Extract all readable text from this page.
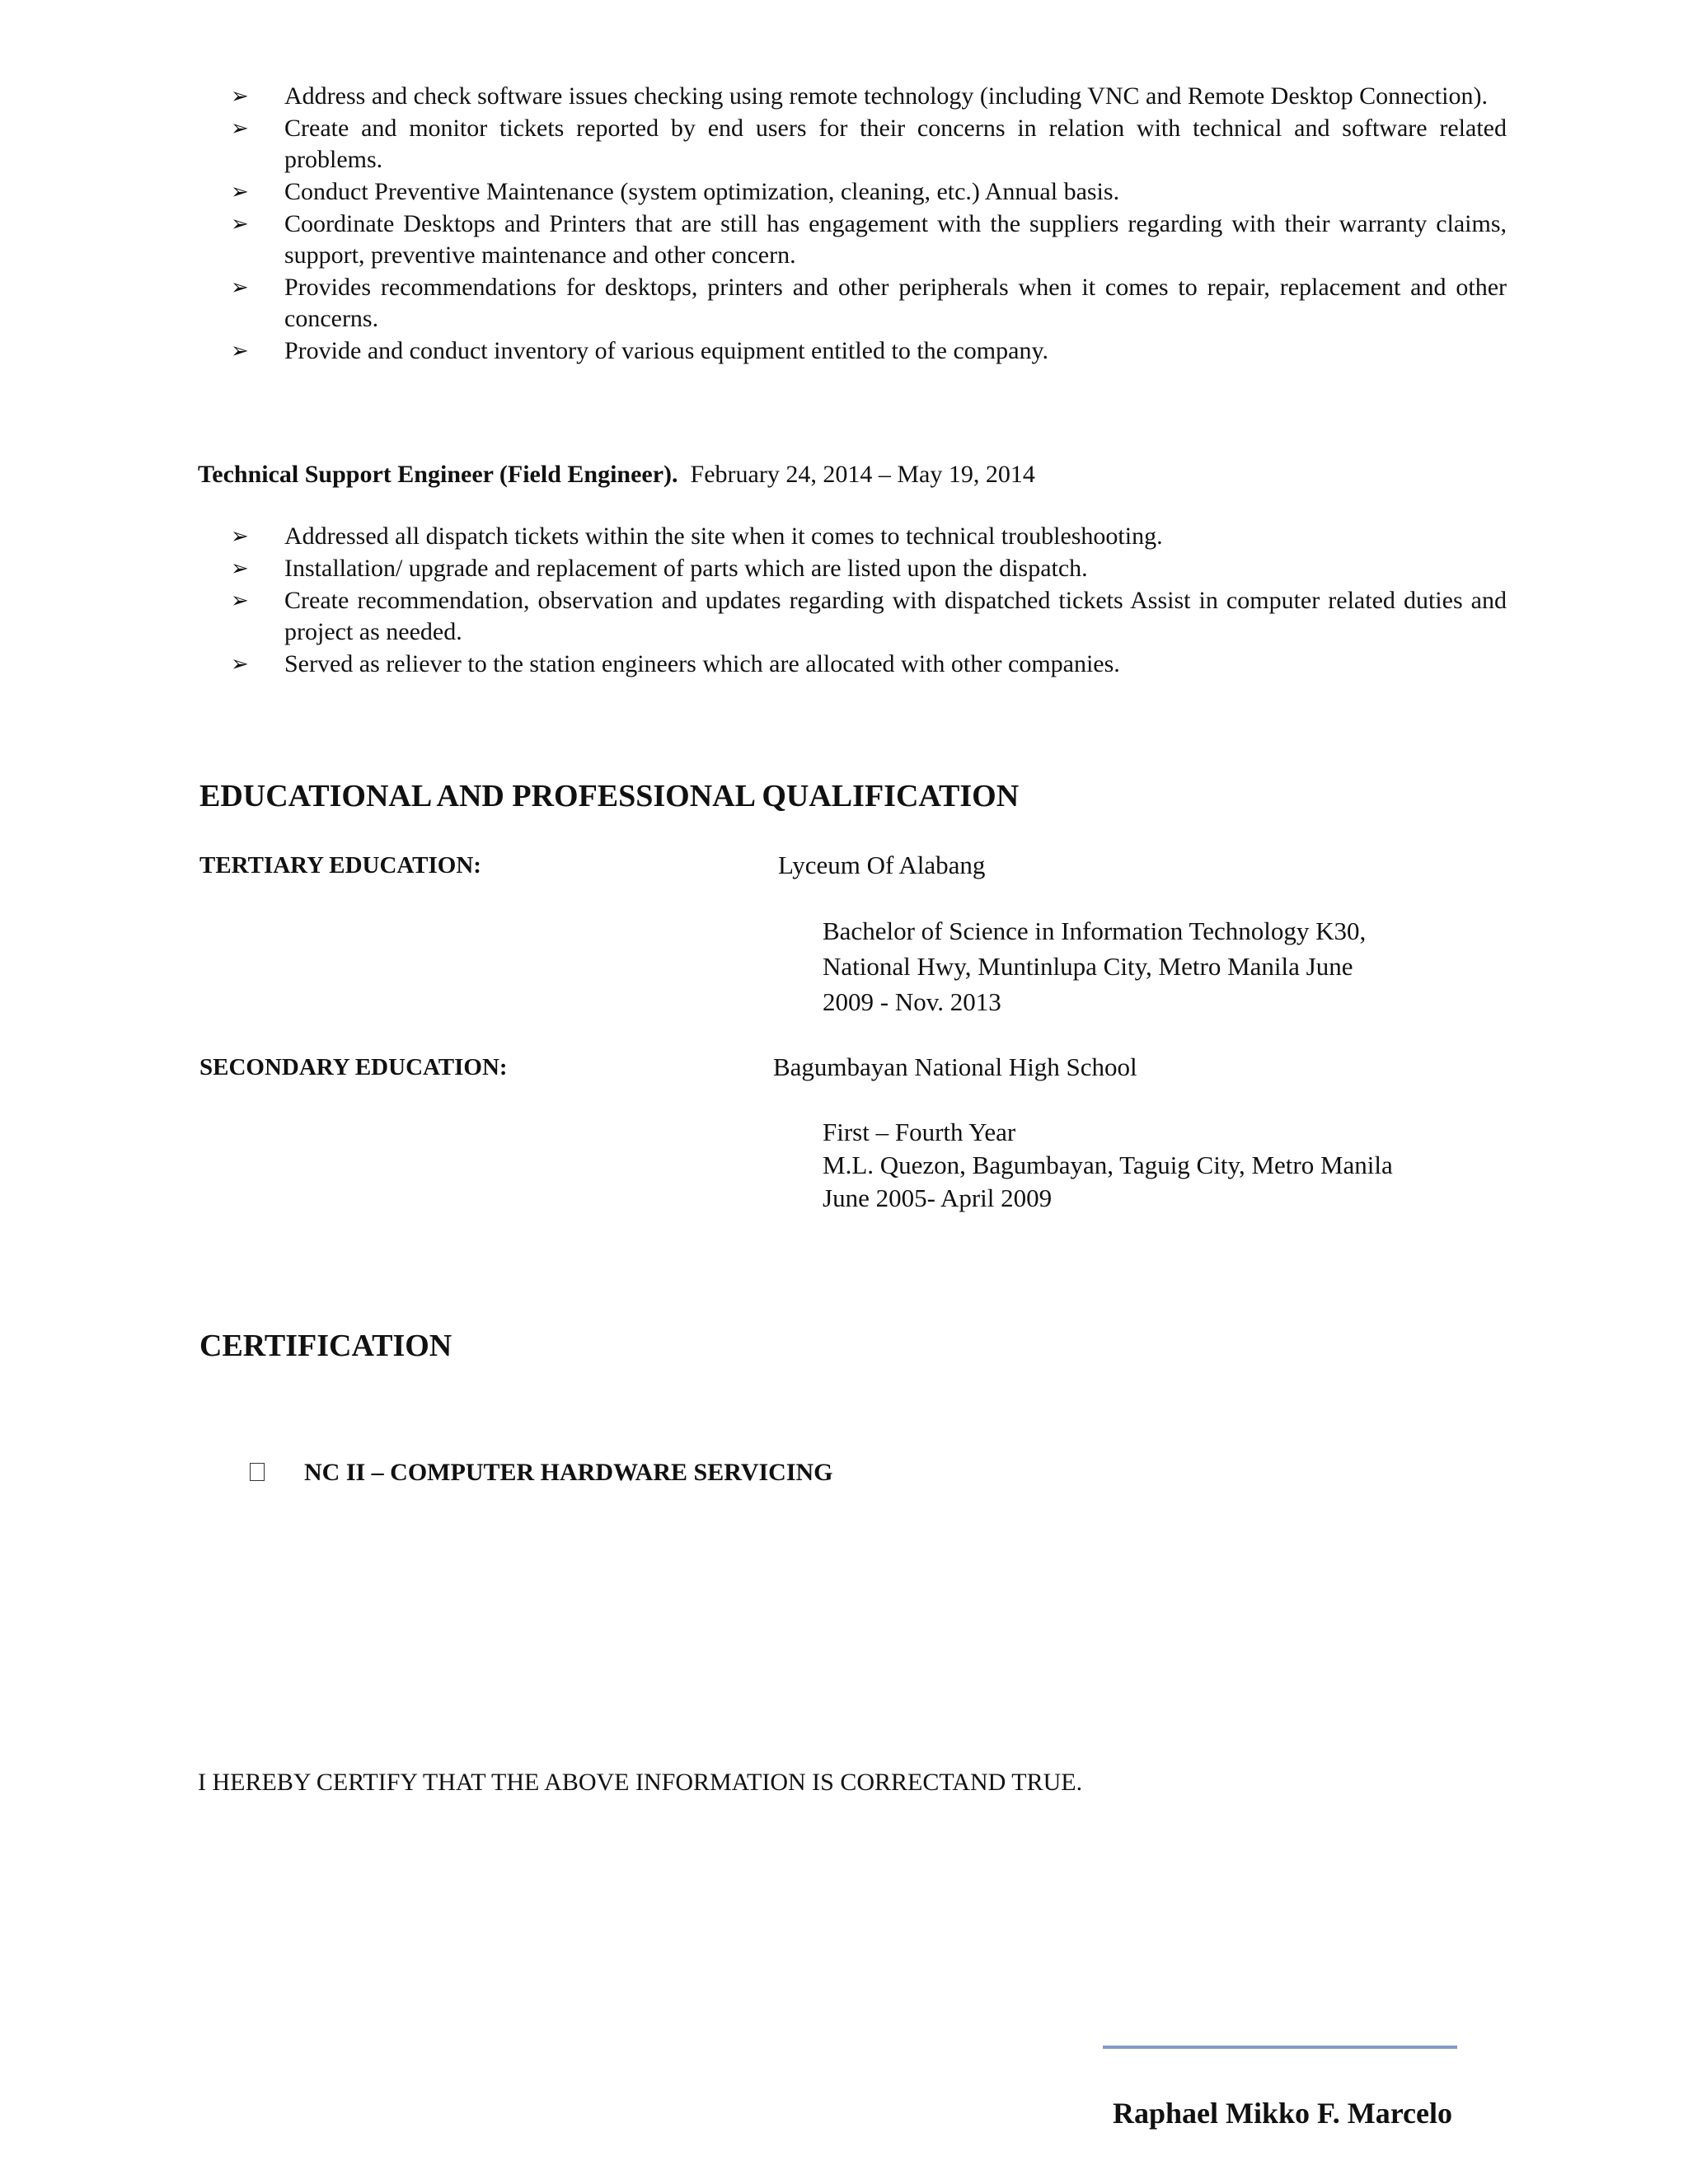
➢ Address and check software issues checking using remote technology (including VNC and Remote Desktop Connection).
➢ Create and monitor tickets reported by end users for their concerns in relation with technical and software related problems.
➢ Conduct Preventive Maintenance (system optimization, cleaning, etc.) Annual basis.
➢ Coordinate Desktops and Printers that are still has engagement with the suppliers regarding with their warranty claims, support, preventive maintenance and other concern.
➢ Provides recommendations for desktops, printers and other peripherals when it comes to repair, replacement and other concerns.
➢ Provide and conduct inventory of various equipment entitled to the company.
Technical Support Engineer (Field Engineer). February 24, 2014 – May 19, 2014
➢ Addressed all dispatch tickets within the site when it comes to technical troubleshooting.
➢ Installation/ upgrade and replacement of parts which are listed upon the dispatch.
➢ Create recommendation, observation and updates regarding with dispatched tickets Assist in computer related duties and project as needed.
➢ Served as reliever to the station engineers which are allocated with other companies.
EDUCATIONAL AND PROFESSIONAL QUALIFICATION
TERTIARY EDUCATION:	Lyceum Of Alabang
Bachelor of Science in Information Technology K30,
National Hwy, Muntinlupa City, Metro Manila June
2009 - Nov. 2013
SECONDARY EDUCATION:	Bagumbayan National High School
First – Fourth Year
M.L. Quezon, Bagumbayan, Taguig City, Metro Manila
June 2005- April 2009
CERTIFICATION
NC II – COMPUTER HARDWARE SERVICING
I HEREBY CERTIFY THAT THE ABOVE INFORMATION IS CORRECTAND TRUE.
Raphael Mikko F. Marcelo
